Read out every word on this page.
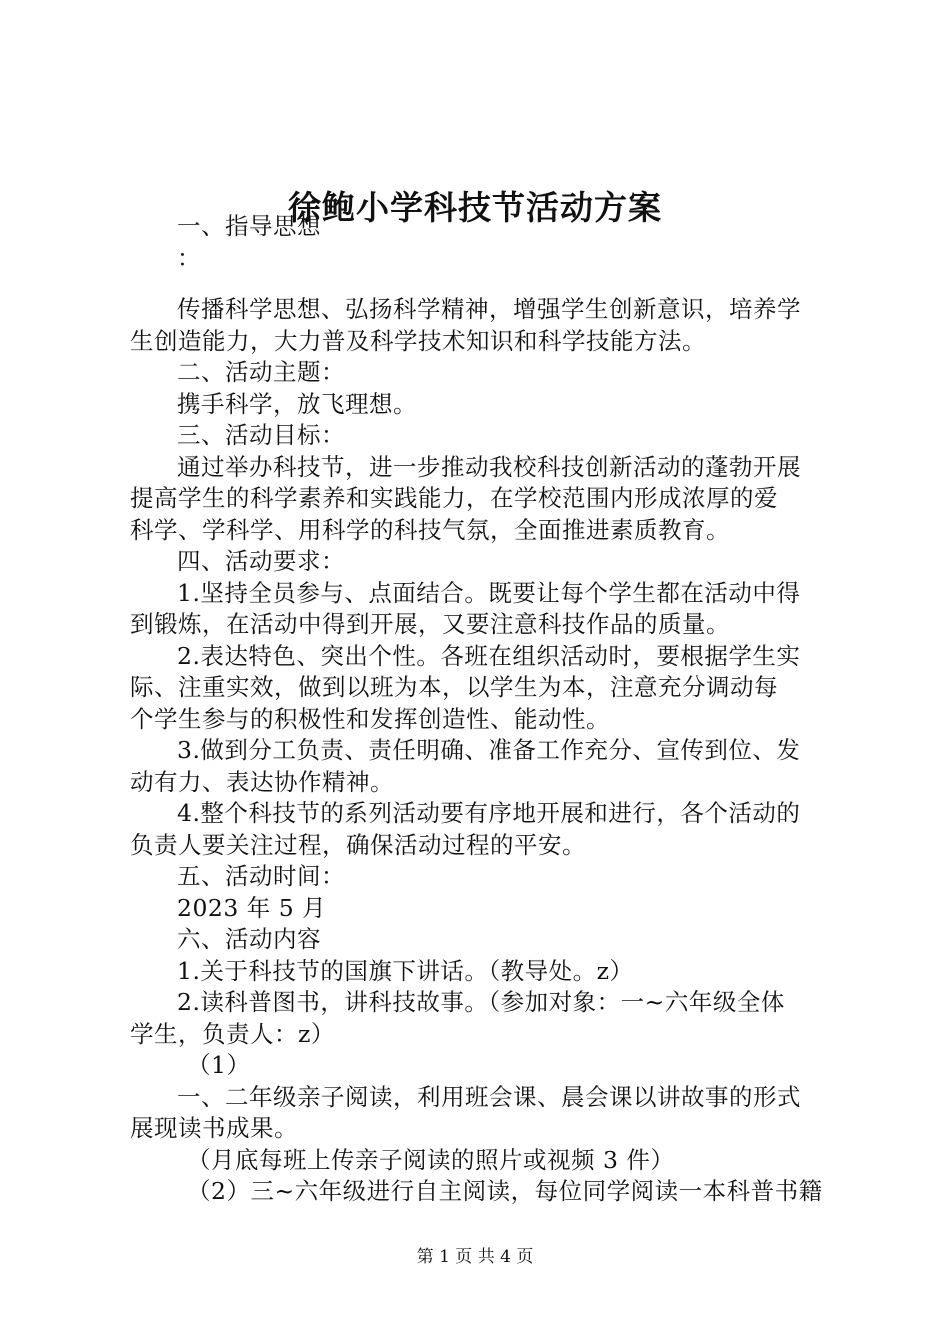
徐鲍小学科技节活动方案
一、指导思想
：
传播科学思想、弘扬科学精神，增强学生创新意识，培养学
生创造能力，大力普及科学技术知识和科学技能方法。
二、活动主题：
携手科学，放飞理想。
三、活动目标：
通过举办科技节，进一步推动我校科技创新活动的蓬勃开展
提高学生的科学素养和实践能力，在学校范围内形成浓厚的爱
科学、学科学、用科学的科技气氛，全面推进素质教育。
四、活动要求：
1.坚持全员参与、点面结合。既要让每个学生都在活动中得
到锻炼，在活动中得到开展，又要注意科技作品的质量。
2.表达特色、突出个性。各班在组织活动时，要根据学生实
际、注重实效，做到以班为本，以学生为本，注意充分调动每
个学生参与的积极性和发挥创造性、能动性。
3.做到分工负责、责任明确、准备工作充分、宣传到位、发
动有力、表达协作精神。
4.整个科技节的系列活动要有序地开展和进行，各个活动的
负责人要关注过程，确保活动过程的平安。
五、活动时间：
2023 年 5 月
六、活动内容
1.关于科技节的国旗下讲话。（教导处。z）
2.读科普图书，讲科技故事。（参加对象：一~六年级全体
学生，负责人：z）
（1）
一、二年级亲子阅读，利用班会课、晨会课以讲故事的形式
展现读书成果。
（月底每班上传亲子阅读的照片或视频 3 件）
（2）三~六年级进行自主阅读，每位同学阅读一本科普书籍
第 1 页 共 4 页
